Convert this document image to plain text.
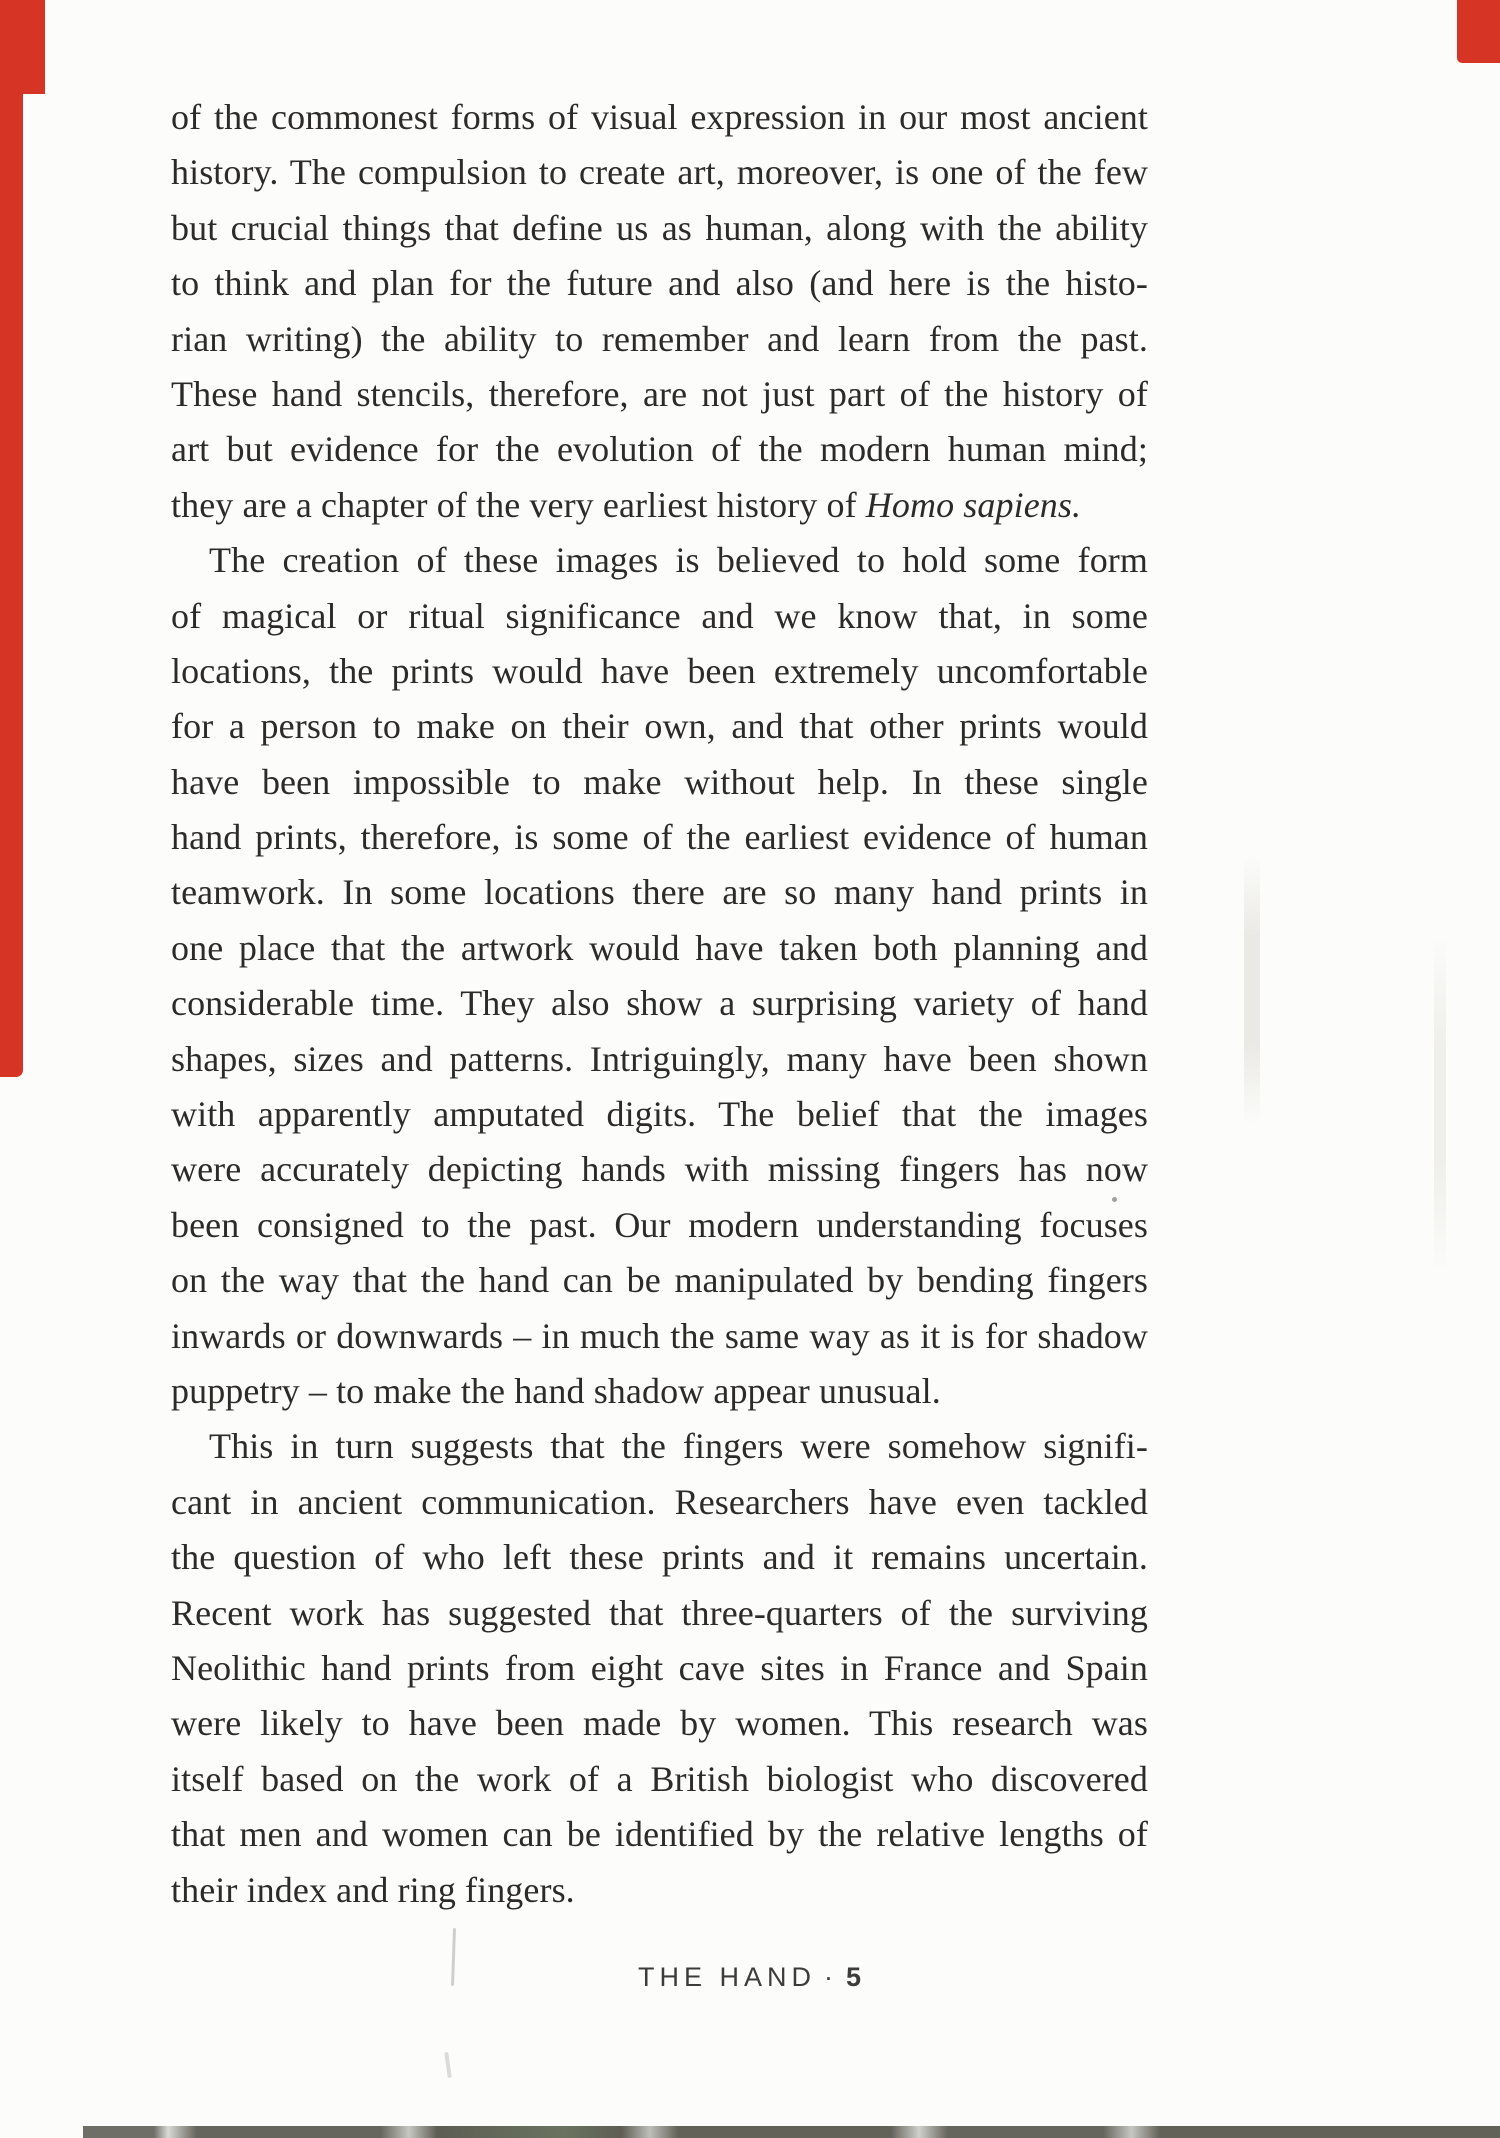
of the commonest forms of visual expression in our most ancient
history. The compulsion to create art, moreover, is one of the few
but crucial things that define us as human, along with the ability
to think and plan for the future and also (and here is the histo-
rian writing) the ability to remember and learn from the past.
These hand stencils, therefore, are not just part of the history of
art but evidence for the evolution of the modern human mind;
they are a chapter of the very earliest history of Homo sapiens.
The creation of these images is believed to hold some form
of magical or ritual significance and we know that, in some
locations, the prints would have been extremely uncomfortable
for a person to make on their own, and that other prints would
have been impossible to make without help. In these single
hand prints, therefore, is some of the earliest evidence of human
teamwork. In some locations there are so many hand prints in
one place that the artwork would have taken both planning and
considerable time. They also show a surprising variety of hand
shapes, sizes and patterns. Intriguingly, many have been shown
with apparently amputated digits. The belief that the images
were accurately depicting hands with missing fingers has now
been consigned to the past. Our modern understanding focuses
on the way that the hand can be manipulated by bending fingers
inwards or downwards – in much the same way as it is for shadow
puppetry – to make the hand shadow appear unusual.
This in turn suggests that the fingers were somehow signifi-
cant in ancient communication. Researchers have even tackled
the question of who left these prints and it remains uncertain.
Recent work has suggested that three-quarters of the surviving
Neolithic hand prints from eight cave sites in France and Spain
were likely to have been made by women. This research was
itself based on the work of a British biologist who discovered
that men and women can be identified by the relative lengths of
their index and ring fingers.
THE HAND · 5
